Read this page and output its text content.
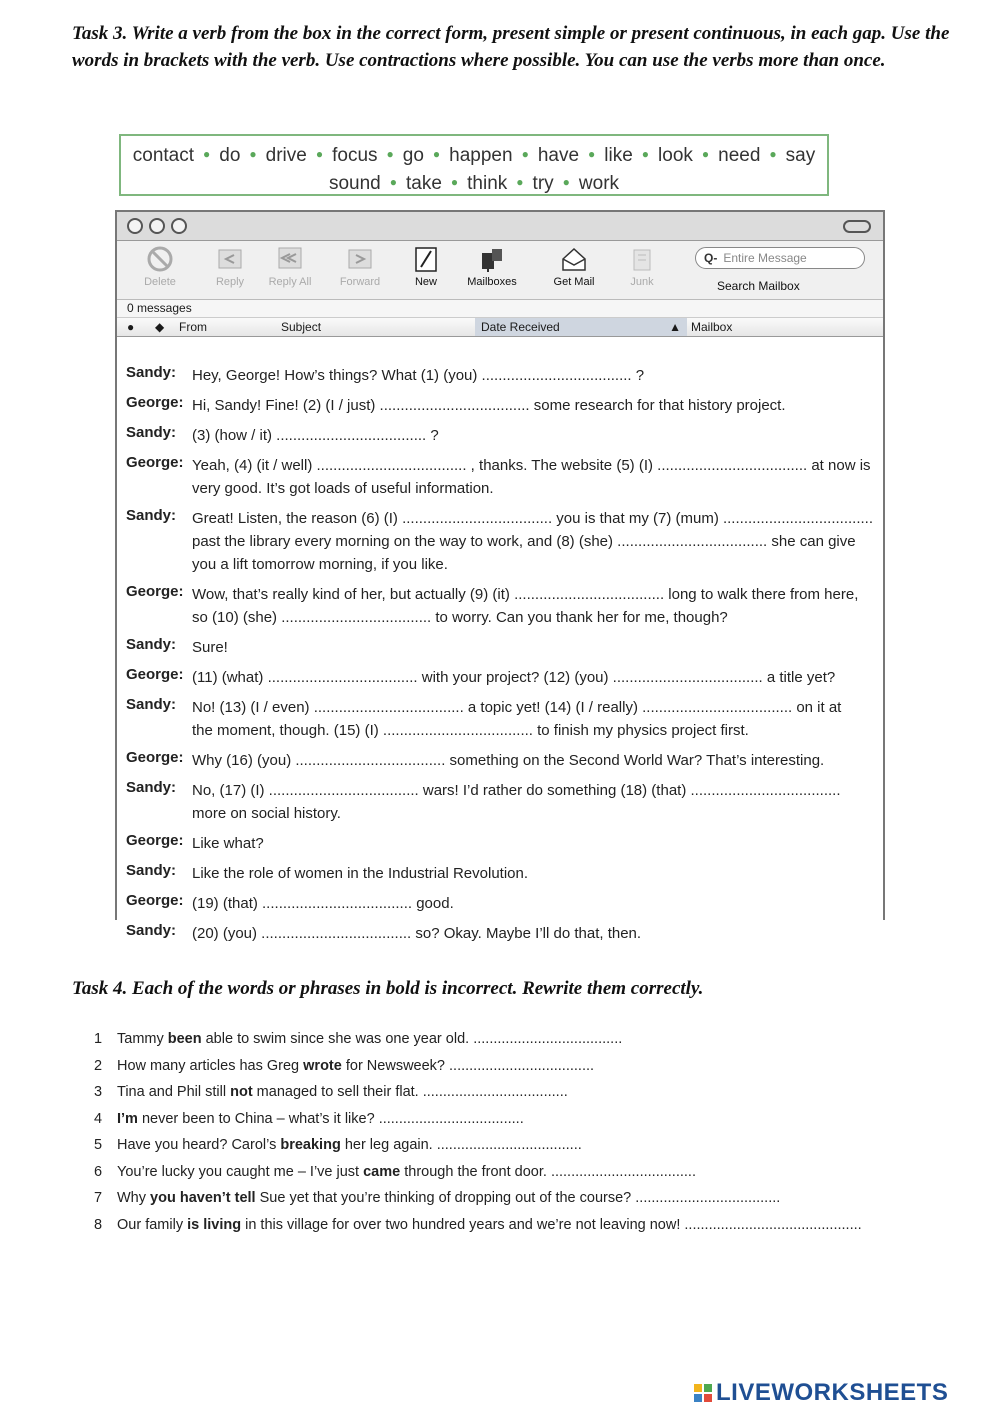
Task 3. Write a verb from the box in the correct form, present simple or present continuous, in each gap. Use the words in brackets with the verb. Use contractions where possible. You can use the verbs more than once.
contact ● do ● drive ● focus ● go ● happen ● have ● like ● look ● need ● say
sound ● take ● think ● try ● work
Delete	Reply	Reply All	Forward	New	Mailboxes	Get Mail	Junk
Q- Entire Message
Search Mailbox
0 messages
● ◆ From	Subject	Date Received	▲ Mailbox
Sandy:	Hey, George! How’s things? What (1) (you) .................................... ?
George: Hi, Sandy! Fine! (2) (I / just) .................................... some research for that history project.
Sandy:	(3) (how / it) .................................... ?
George: Yeah, (4) (it / well) .................................... , thanks. The website (5) (I) .................................... at now is
very good. It’s got loads of useful information.
Sandy:	Great! Listen, the reason (6) (I) .................................... you is that my (7) (mum) ....................................
past the library every morning on the way to work, and (8) (she) .................................... she can give
you a lift tomorrow morning, if you like.
George: Wow, that’s really kind of her, but actually (9) (it) .................................... long to walk there from here,
so (10) (she) .................................... to worry. Can you thank her for me, though?
Sandy:	Sure!
George: (11) (what) .................................... with your project? (12) (you) .................................... a title yet?
Sandy:	No! (13) (I / even) .................................... a topic yet! (14) (I / really) .................................... on it at
the moment, though. (15) (I) .................................... to finish my physics project first.
George: Why (16) (you) .................................... something on the Second World War? That’s interesting.
Sandy:	No, (17) (I) .................................... wars! I’d rather do something (18) (that) ....................................
more on social history.
George: Like what?
Sandy:	Like the role of women in the Industrial Revolution.
George: (19) (that) .................................... good.
Sandy:	(20) (you) .................................... so? Okay. Maybe I’ll do that, then.
Task 4. Each of the words or phrases in bold is incorrect. Rewrite them correctly.
1 Tammy been able to swim since she was one year old. .....................................
2 How many articles has Greg wrote for Newsweek? ....................................
3 Tina and Phil still not managed to sell their flat. ....................................
4 I’m never been to China – what’s it like? ....................................
5 Have you heard? Carol’s breaking her leg again. ....................................
6 You’re lucky you caught me – I’ve just came through the front door. ....................................
7 Why you haven’t tell Sue yet that you’re thinking of dropping out of the course? ....................................
8 Our family is living in this village for over two hundred years and we’re not leaving now! ............................................
LIVEWORKSHEETS
